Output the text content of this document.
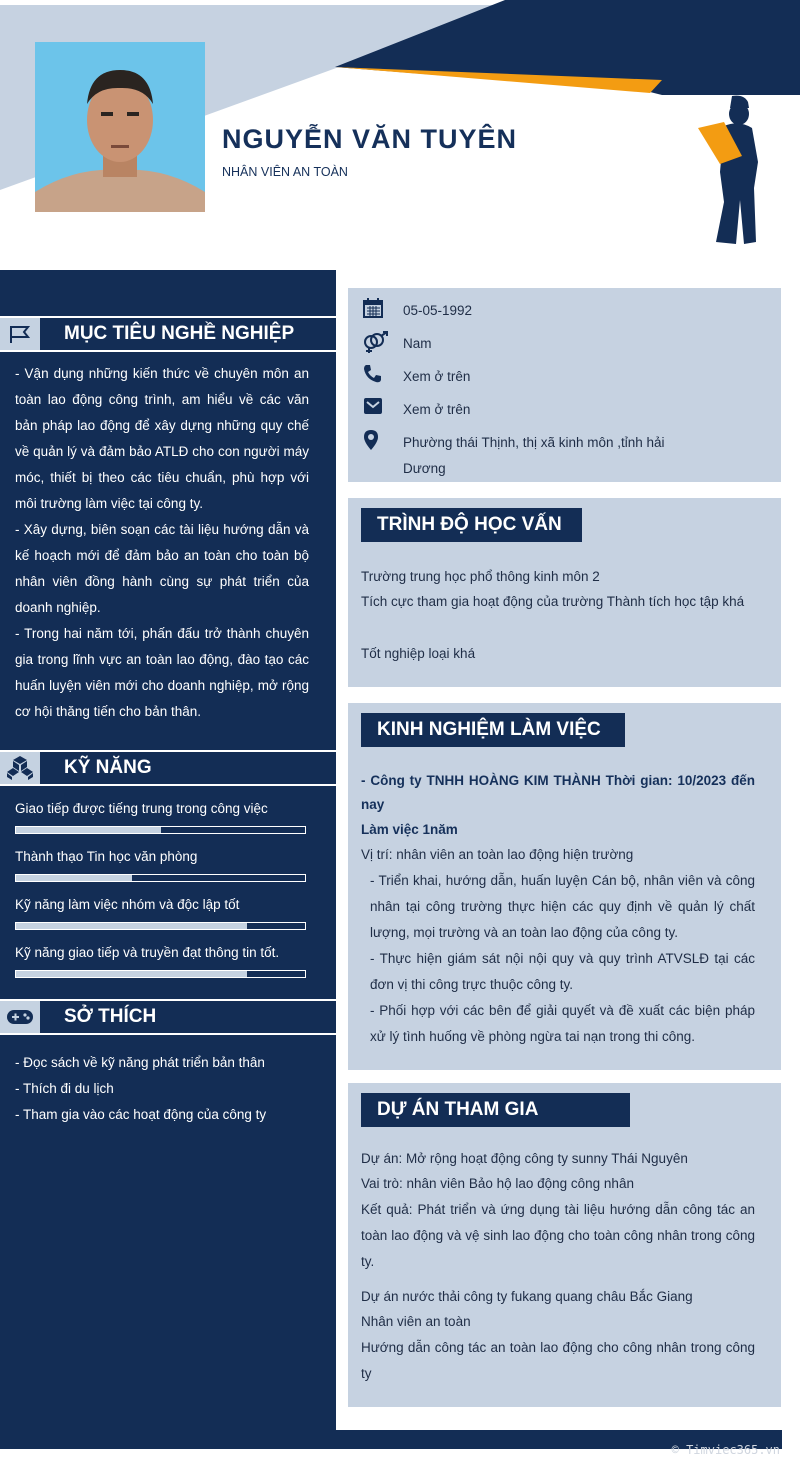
NGUYỄN VĂN TUYÊN
NHÂN VIÊN AN TOÀN
MỤC TIÊU NGHỀ NGHIỆP
- Vận dụng những kiến thức về chuyên môn an toàn lao động công trình, am hiểu về các văn bản pháp lao động để xây dựng những quy chế về quản lý và đảm bảo ATLĐ cho con người máy móc, thiết bị theo các tiêu chuẩn, phù hợp với môi trường làm việc tại công ty.
- Xây dựng, biên soạn các tài liệu hướng dẫn và kế hoạch mới để đảm bảo an toàn cho toàn bộ nhân viên đồng hành cùng sự phát triển của doanh nghiệp.
- Trong hai năm tới, phấn đấu trở thành chuyên gia trong lĩnh vực an toàn lao động, đào tạo các huấn luyện viên mới cho doanh nghiệp, mở rộng cơ hội thăng tiến cho bản thân.
KỸ NĂNG
Giao tiếp được tiếng trung trong công việc
Thành thạo Tin học văn phòng
Kỹ năng làm việc nhóm và độc lập tốt
Kỹ năng giao tiếp và truyền đạt thông tin tốt.
SỞ THÍCH
- Đọc sách về kỹ năng phát triển bản thân
- Thích đi du lịch
- Tham gia vào các hoạt động của công ty
05-05-1992
Nam
Xem ở trên
Xem ở trên
Phường thái Thịnh, thị xã kinh môn ,tỉnh hải
Dương
TRÌNH ĐỘ HỌC VẤN
Trường trung học phổ thông kinh môn 2
Tích cực tham gia hoạt động của trường Thành tích học tập khá
Tốt nghiệp loại khá
KINH NGHIỆM LÀM VIỆC
- Công ty TNHH HOÀNG KIM THÀNH Thời gian: 10/2023 đến nay
Làm việc 1năm
Vị trí: nhân viên an toàn lao động hiện trường
- Triển khai, hướng dẫn, huấn luyện Cán bộ, nhân viên và công nhân tại công trường thực hiện các quy định về quản lý chất lượng, mọi trường và an toàn lao động của công ty.
- Thực hiện giám sát nội nội quy và quy trình ATVSLĐ tại các đơn vị thi công trực thuộc công ty.
- Phối hợp với các bên để giải quyết và đề xuất các biện pháp xử lý tình huống về phòng ngừa tai nạn trong thi công.
DỰ ÁN THAM GIA
Dự án: Mở rộng hoạt động công ty sunny Thái Nguyên
Vai trò: nhân viên Bảo hộ lao động công nhân
Kết quả: Phát triển và ứng dụng tài liệu hướng dẫn công tác an toàn lao động và vệ sinh lao động cho toàn công nhân trong công ty.
Dự án nước thải công ty fukang quang châu Bắc Giang
Nhân viên an toàn
Hướng dẫn công tác an toàn lao động cho công nhân trong công ty
© Timviec365.vn
